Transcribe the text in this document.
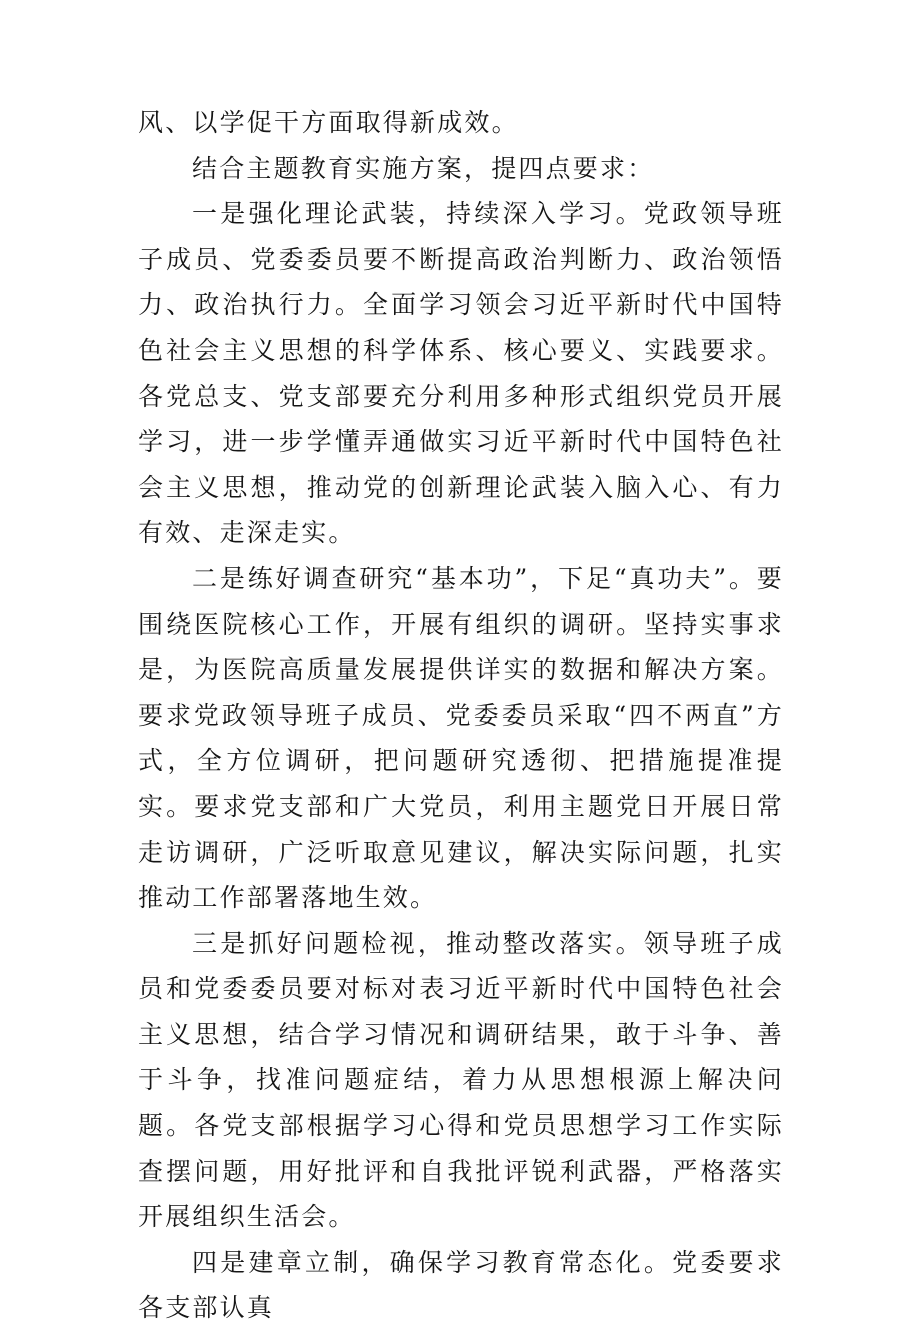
风、以学促干方面取得新成效。

结合主题教育实施方案，提四点要求：

一是强化理论武装，持续深入学习。党政领导班子成员、党委委员要不断提高政治判断力、政治领悟力、政治执行力。全面学习领会习近平新时代中国特色社会主义思想的科学体系、核心要义、实践要求。各党总支、党支部要充分利用多种形式组织党员开展学习，进一步学懂弄通做实习近平新时代中国特色社会主义思想，推动党的创新理论武装入脑入心、有力有效、走深走实。

二是练好调查研究“基本功”，下足“真功夫”。要围绕医院核心工作，开展有组织的调研。坚持实事求是，为医院高质量发展提供详实的数据和解决方案。要求党政领导班子成员、党委委员采取“四不两直”方式，全方位调研，把问题研究透彻、把措施提准提实。要求党支部和广大党员，利用主题党日开展日常走访调研，广泛听取意见建议，解决实际问题，扎实推动工作部署落地生效。

三是抓好问题检视，推动整改落实。领导班子成员和党委委员要对标对表习近平新时代中国特色社会主义思想，结合学习情况和调研结果，敢于斗争、善于斗争，找准问题症结，着力从思想根源上解决问题。各党支部根据学习心得和党员思想学习工作实际查摆问题，用好批评和自我批评锐利武器，严格落实开展组织生活会。

四是建章立制，确保学习教育常态化。党委要求各支部认真
